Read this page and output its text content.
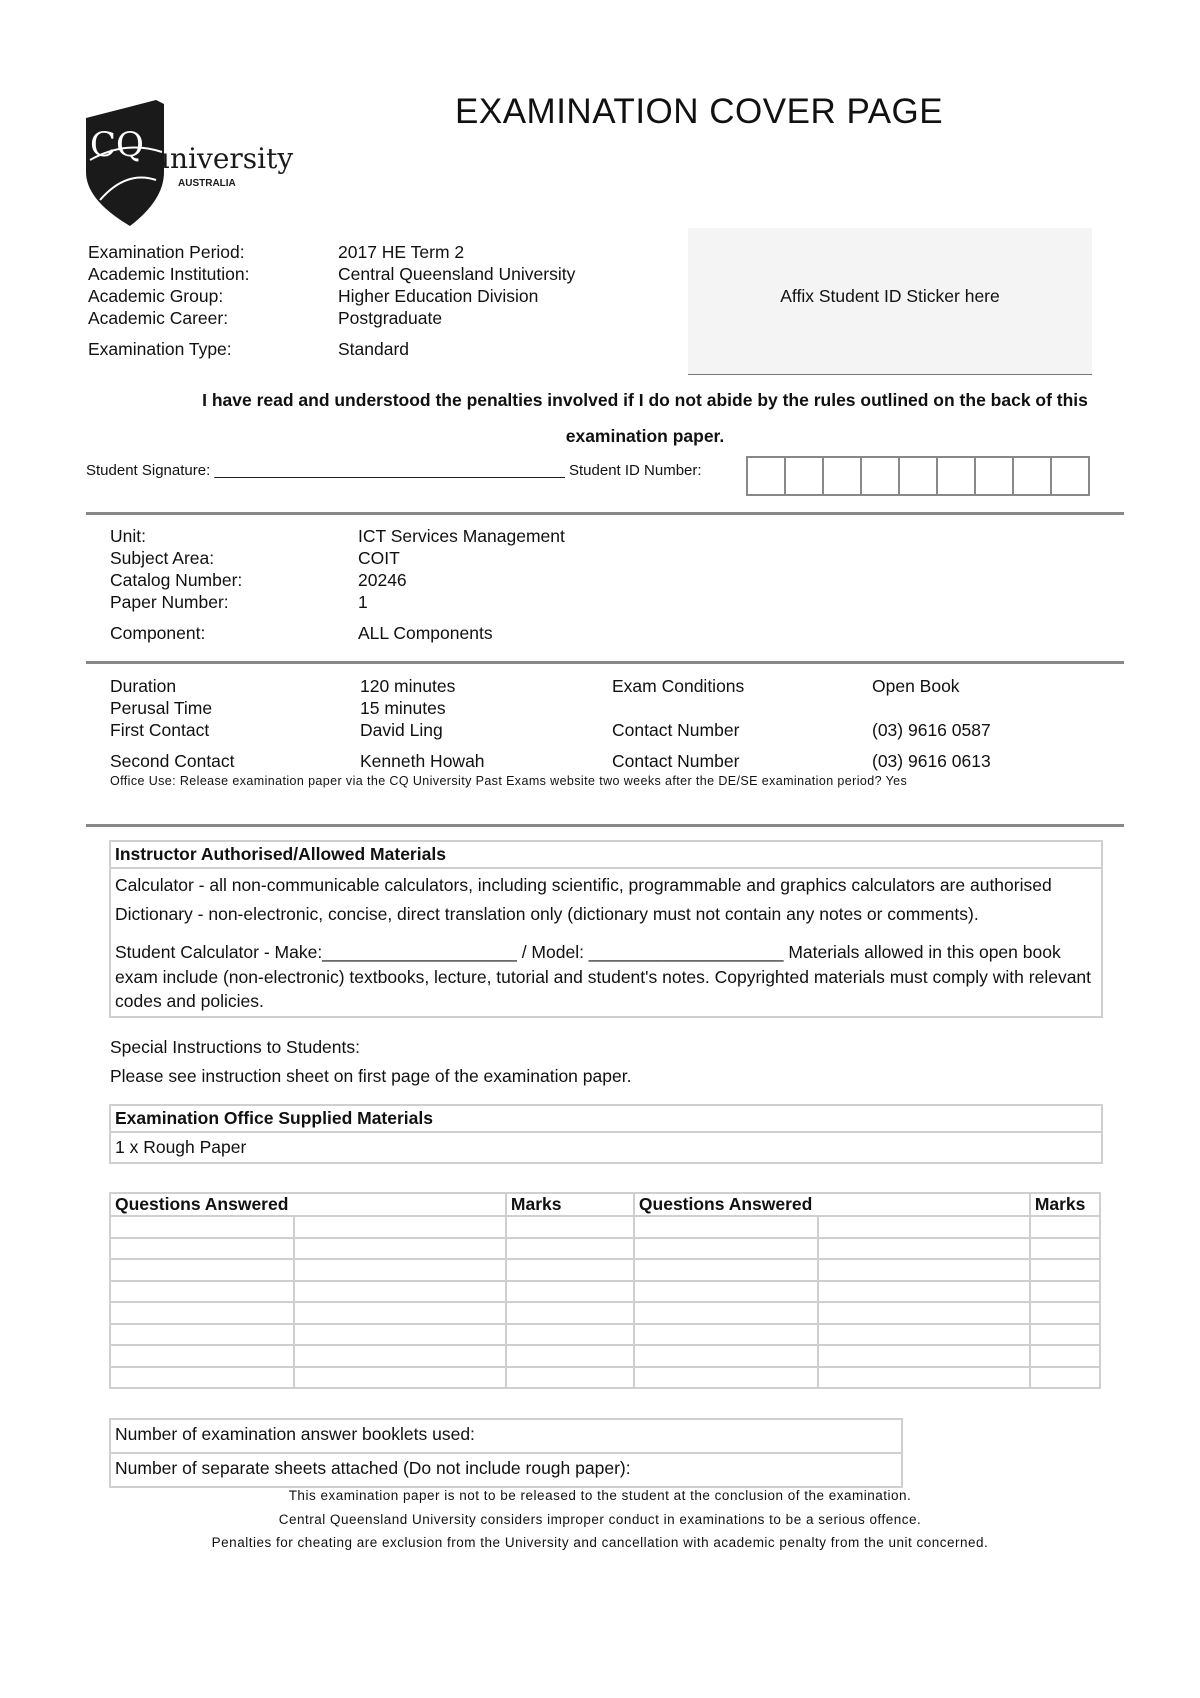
CQ university
AUSTRALIA
EXAMINATION COVER PAGE
Examination Period:	2017 HE Term 2
Academic Institution:	Central Queensland University
Academic Group:	Higher Education Division
Academic Career:	Postgraduate
Examination Type:	Standard
Affix Student ID Sticker here
I have read and understood the penalties involved if I do not abide by the rules outlined on the back of this examination paper.
Student Signature: __________________________________________ Student ID Number:
Unit:	ICT Services Management
Subject Area:	COIT
Catalog Number:	20246
Paper Number:	1
Component:	ALL Components
Duration	120 minutes	Exam Conditions	Open Book
Perusal Time	15 minutes
First Contact	David Ling	Contact Number	(03) 9616 0587
Second Contact	Kenneth Howah	Contact Number	(03) 9616 0613
Office Use: Release examination paper via the CQ University Past Exams website two weeks after the DE/SE examination period? Yes
Instructor Authorised/Allowed Materials
Calculator - all non-communicable calculators, including scientific, programmable and graphics calculators are authorised
Dictionary - non-electronic, concise, direct translation only (dictionary must not contain any notes or comments).
Student Calculator - Make:____________________ / Model: ____________________ Materials allowed in this open book exam include (non-electronic) textbooks, lecture, tutorial and student's notes. Copyrighted materials must comply with relevant codes and policies.
Special Instructions to Students:
Please see instruction sheet on first page of the examination paper.
Examination Office Supplied Materials
1 x Rough Paper
Questions Answered		Marks	Questions Answered		Marks

Number of examination answer booklets used:
Number of separate sheets attached (Do not include rough paper):
This examination paper is not to be released to the student at the conclusion of the examination.
Central Queensland University considers improper conduct in examinations to be a serious offence.
Penalties for cheating are exclusion from the University and cancellation with academic penalty from the unit concerned.
